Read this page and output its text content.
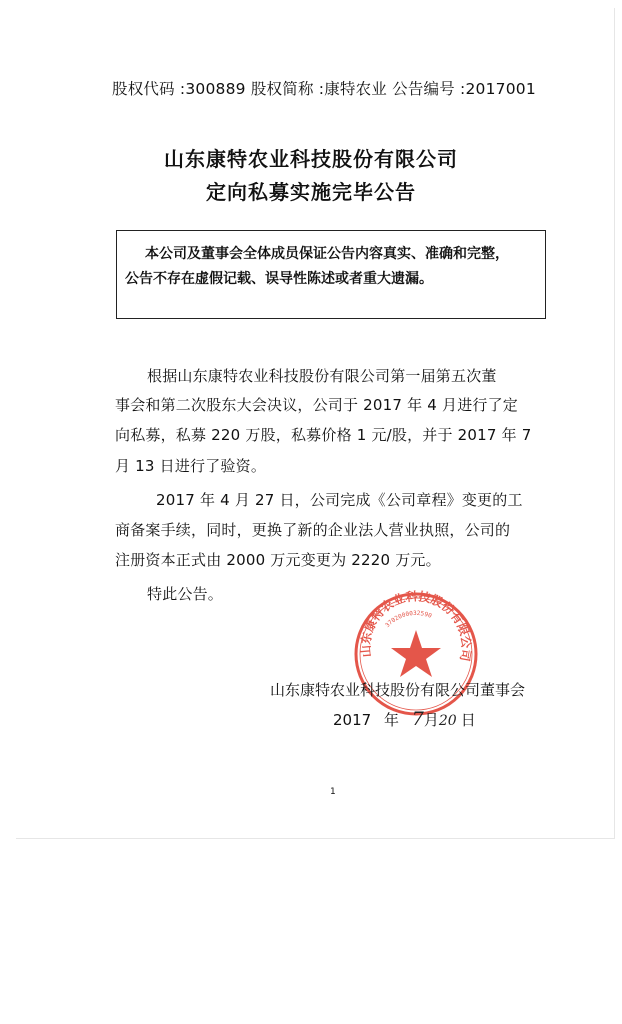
股权代码 :300889 股权简称 :康特农业 公告编号 :2017001
山东康特农业科技股份有限公司
定向私募实施完毕公告
本公司及董事会全体成员保证公告内容真实、准确和完整，
公告不存在虚假记载、误导性陈述或者重大遗漏。
根据山东康特农业科技股份有限公司第一届第五次董
事会和第二次股东大会决议，公司于 2017 年 4 月进行了定
向私募，私募 220 万股，私募价格 1 元/股，并于 2017 年 7
月 13 日进行了验资。
2017 年 4 月 27 日，公司完成《公司章程》变更的工
商备案手续，同时，更换了新的企业法人营业执照，公司的
注册资本正式由 2000 万元变更为 2220 万元。
特此公告。
山东康特农业科技股份有限公司
3702000032590
山东康特农业科技股份有限公司董事会
2017 年 7月20 日
1
